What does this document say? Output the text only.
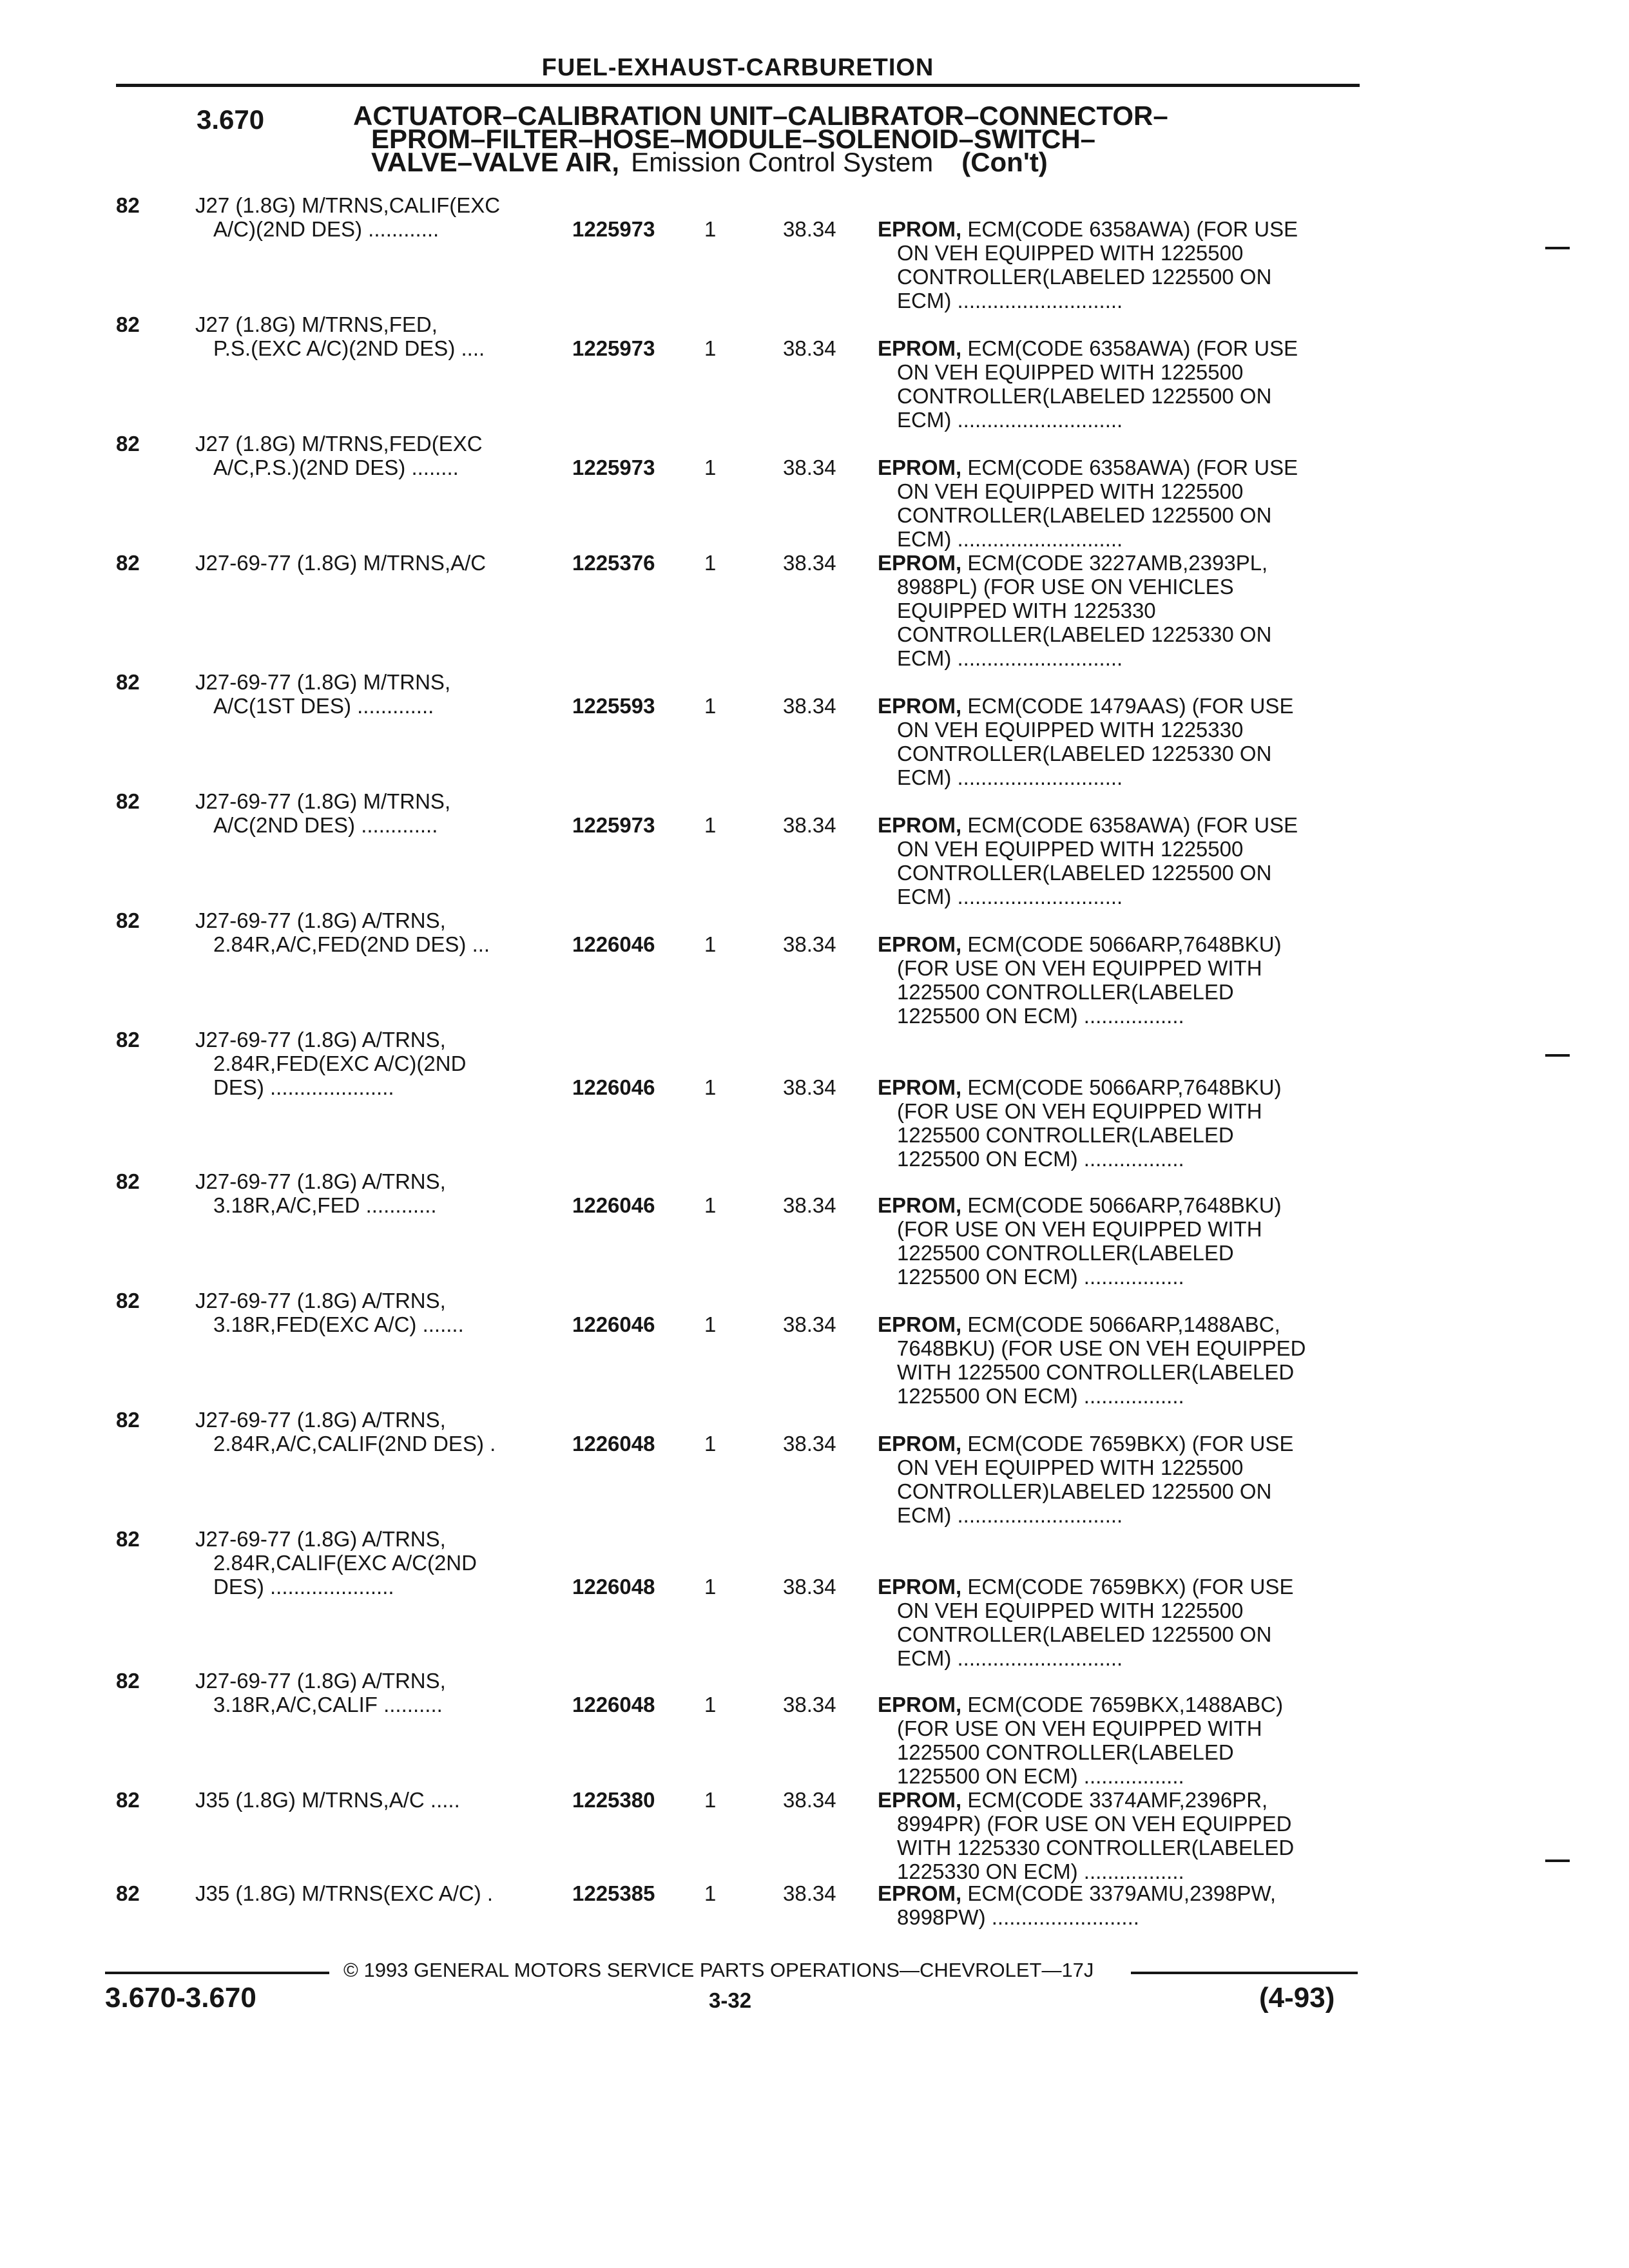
FUEL-EXHAUST-CARBURETION
3.670	ACTUATOR–CALIBRATION UNIT–CALIBRATOR–CONNECTOR–
EPROM–FILTER–HOSE–MODULE–SOLENOID–SWITCH–
VALVE–VALVE AIR, Emission Control System (Con't)
82	J27 (1.8G) M/TRNS,CALIF(EXC
A/C)(2ND DES) ............	1225973 1	38.34 EPROM, ECM(CODE 6358AWA) (FOR USE
ON VEH EQUIPPED WITH 1225500
CONTROLLER(LABELED 1225500 ON
ECM) ............................
82	J27 (1.8G) M/TRNS,FED,
P.S.(EXC A/C)(2ND DES) ....	1225973 1	38.34 EPROM, ECM(CODE 6358AWA) (FOR USE
ON VEH EQUIPPED WITH 1225500
CONTROLLER(LABELED 1225500 ON
ECM) ............................
82	J27 (1.8G) M/TRNS,FED(EXC
A/C,P.S.)(2ND DES) ........	1225973 1	38.34 EPROM, ECM(CODE 6358AWA) (FOR USE
ON VEH EQUIPPED WITH 1225500
CONTROLLER(LABELED 1225500 ON
ECM) ............................
82	J27-69-77 (1.8G) M/TRNS,A/C	1225376 1	38.34 EPROM, ECM(CODE 3227AMB,2393PL,
8988PL) (FOR USE ON VEHICLES
EQUIPPED WITH 1225330
CONTROLLER(LABELED 1225330 ON
ECM) ............................
82	J27-69-77 (1.8G) M/TRNS,
A/C(1ST DES) .............	1225593 1	38.34 EPROM, ECM(CODE 1479AAS) (FOR USE
ON VEH EQUIPPED WITH 1225330
CONTROLLER(LABELED 1225330 ON
ECM) ............................
82	J27-69-77 (1.8G) M/TRNS,
A/C(2ND DES) .............	1225973 1	38.34 EPROM, ECM(CODE 6358AWA) (FOR USE
ON VEH EQUIPPED WITH 1225500
CONTROLLER(LABELED 1225500 ON
ECM) ............................
82	J27-69-77 (1.8G) A/TRNS,
2.84R,A/C,FED(2ND DES) ...	1226046 1	38.34 EPROM, ECM(CODE 5066ARP,7648BKU)
(FOR USE ON VEH EQUIPPED WITH
1225500 CONTROLLER(LABELED
1225500 ON ECM) .................
82	J27-69-77 (1.8G) A/TRNS,
2.84R,FED(EXC A/C)(2ND
DES) .....................	1226046 1	38.34 EPROM, ECM(CODE 5066ARP,7648BKU)
(FOR USE ON VEH EQUIPPED WITH
1225500 CONTROLLER(LABELED
1225500 ON ECM) .................
82	J27-69-77 (1.8G) A/TRNS,
3.18R,A/C,FED ............	1226046 1	38.34 EPROM, ECM(CODE 5066ARP,7648BKU)
(FOR USE ON VEH EQUIPPED WITH
1225500 CONTROLLER(LABELED
1225500 ON ECM) .................
82	J27-69-77 (1.8G) A/TRNS,
3.18R,FED(EXC A/C) .......	1226046 1	38.34 EPROM, ECM(CODE 5066ARP,1488ABC,
7648BKU) (FOR USE ON VEH EQUIPPED
WITH 1225500 CONTROLLER(LABELED
1225500 ON ECM) .................
82	J27-69-77 (1.8G) A/TRNS,
2.84R,A/C,CALIF(2ND DES) .	1226048 1	38.34 EPROM, ECM(CODE 7659BKX) (FOR USE
ON VEH EQUIPPED WITH 1225500
CONTROLLER)LABELED 1225500 ON
ECM) ............................
82	J27-69-77 (1.8G) A/TRNS,
2.84R,CALIF(EXC A/C(2ND
DES) .....................	1226048 1	38.34 EPROM, ECM(CODE 7659BKX) (FOR USE
ON VEH EQUIPPED WITH 1225500
CONTROLLER(LABELED 1225500 ON
ECM) ............................
82	J27-69-77 (1.8G) A/TRNS,
3.18R,A/C,CALIF ..........	1226048 1	38.34 EPROM, ECM(CODE 7659BKX,1488ABC)
(FOR USE ON VEH EQUIPPED WITH
1225500 CONTROLLER(LABELED
1225500 ON ECM) .................
82	J35 (1.8G) M/TRNS,A/C .....	1225380 1	38.34 EPROM, ECM(CODE 3374AMF,2396PR,
8994PR) (FOR USE ON VEH EQUIPPED
WITH 1225330 CONTROLLER(LABELED
1225330 ON ECM) .................
82	J35 (1.8G) M/TRNS(EXC A/C) .	1225385 1	38.34 EPROM, ECM(CODE 3379AMU,2398PW,
8998PW) .........................
© 1993 GENERAL MOTORS SERVICE PARTS OPERATIONS—CHEVROLET—17J
3.670-3.670	3-32	(4-93)
